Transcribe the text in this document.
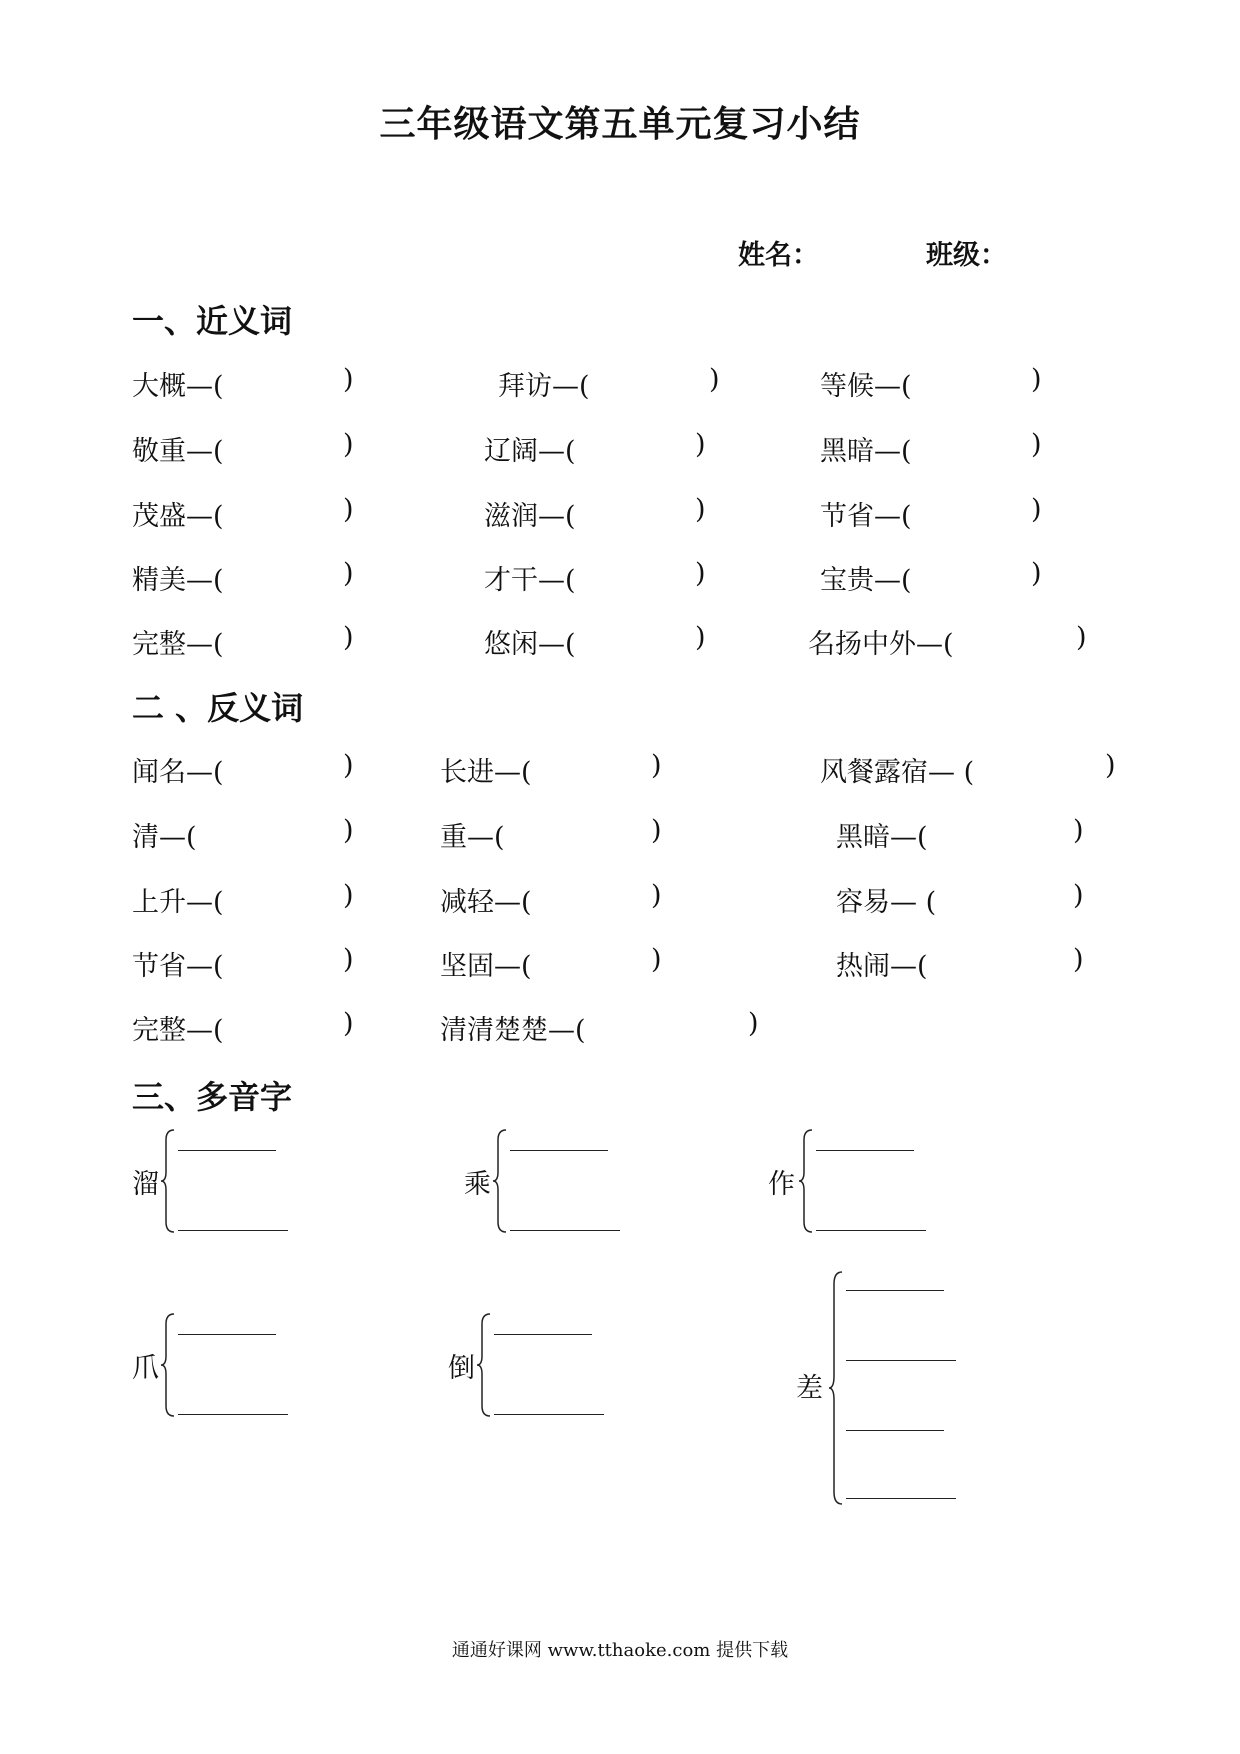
三年级语文第五单元复习小结
姓名：	班级：
一、近义词
大概—(	)	拜访—(	)	等候—(	)
敬重—(	)	辽阔—(	)	黑暗—(	)
茂盛—(	)	滋润—(	)	节省—(	)
精美—(	)	才干—(	)	宝贵—(	)
完整—(	)	悠闲—(	)	名扬中外—(	)
二 、反义词
闻名—(	)	长进—(	)	风餐露宿— (	)
清—(	)	重—(	)	黑暗—(	)
上升—(	)	减轻—(	)	容易— (	)
节省—(	)	坚固—(	)	热闹—(	)
完整—(	)	清清楚楚—(	)
三、多音字
溜	乘	作
爪	倒
差
通通好课网 www.tthaoke.com 提供下载
